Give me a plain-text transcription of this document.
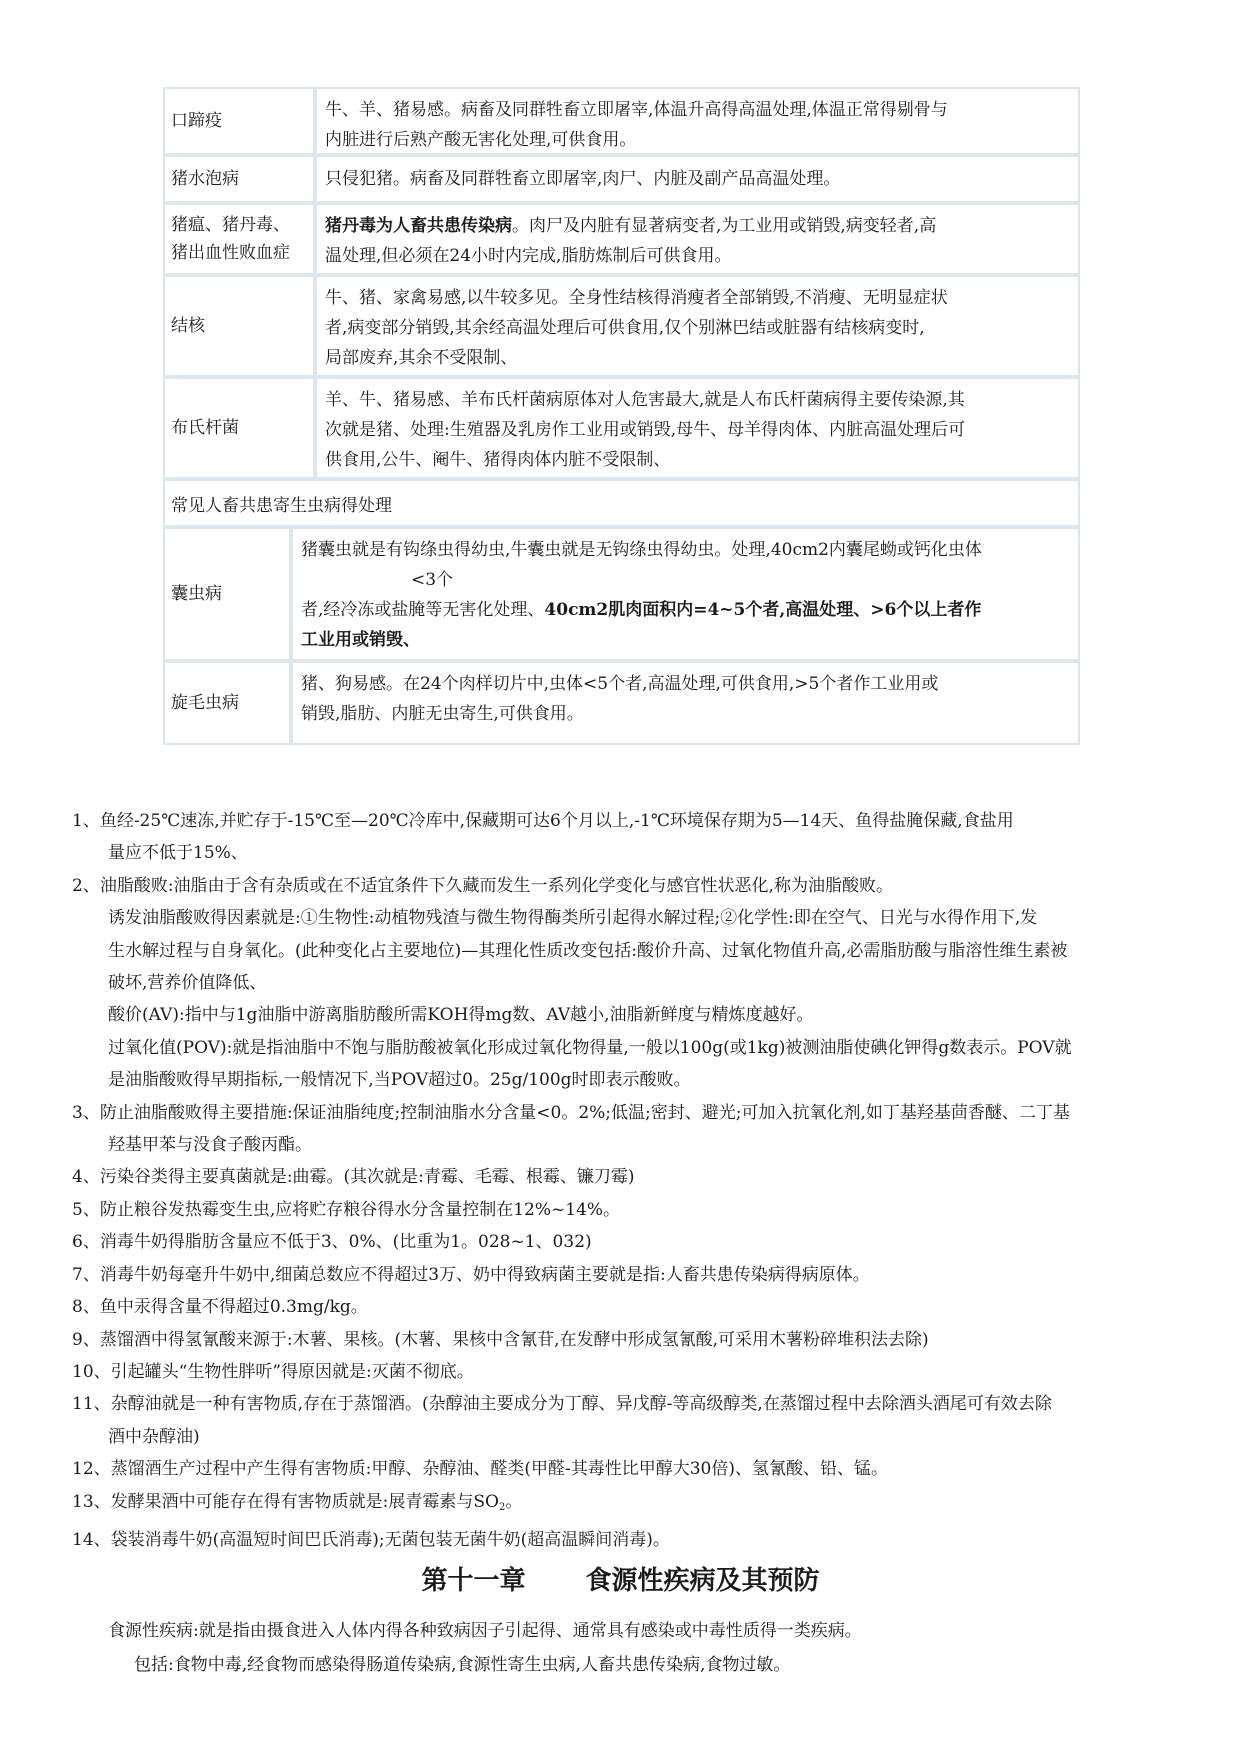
口蹄疫
牛、羊、猪易感。病畜及同群牲畜立即屠宰,体温升高得高温处理,体温正常得剔骨与
内脏进行后熟产酸无害化处理,可供食用。
猪水泡病	只侵犯猪。病畜及同群牲畜立即屠宰,肉尸、内脏及副产品高温处理。
猪瘟、猪丹毒、
猪出血性败血症
猪丹毒为人畜共患传染病。肉尸及内脏有显著病变者,为工业用或销毁,病变轻者,高
温处理,但必须在24小时内完成,脂肪炼制后可供食用。
结核
牛、猪、家禽易感,以牛较多见。全身性结核得消瘦者全部销毁,不消瘦、无明显症状
者,病变部分销毁,其余经高温处理后可供食用,仅个别淋巴结或脏器有结核病变时,
局部废弃,其余不受限制、
布氏杆菌
羊、牛、猪易感、羊布氏杆菌病原体对人危害最大,就是人布氏杆菌病得主要传染源,其
次就是猪、处理:生殖器及乳房作工业用或销毁,母牛、母羊得肉体、内脏高温处理后可
供食用,公牛、阉牛、猪得肉体内脏不受限制、
常见人畜共患寄生虫病得处理
囊虫病
猪囊虫就是有钩绦虫得幼虫,牛囊虫就是无钩绦虫得幼虫。处理,40cm2内囊尾蚴或钙化虫体
<3个
者,经冷冻或盐腌等无害化处理、40cm2肌肉面积内=4~5个者,高温处理、>6个以上者作
工业用或销毁、
旋毛虫病
猪、狗易感。在24个肉样切片中,虫体<5个者,高温处理,可供食用,>5个者作工业用或
销毁,脂肪、内脏无虫寄生,可供食用。

1、鱼经-25℃速冻,并贮存于-15℃至—20℃冷库中,保藏期可达6个月以上,-1℃环境保存期为5—14天、鱼得盐腌保藏,食盐用
量应不低于15%、

2、油脂酸败:油脂由于含有杂质或在不适宜条件下久藏而发生一系列化学变化与感官性状恶化,称为油脂酸败。

诱发油脂酸败得因素就是:①生物性:动植物残渣与微生物得酶类所引起得水解过程;②化学性:即在空气、日光与水得作用下,发
生水解过程与自身氧化。(此种变化占主要地位)—其理化性质改变包括:酸价升高、过氧化物值升高,必需脂肪酸与脂溶性维生素被
破坏,营养价值降低、

酸价(AV):指中与1g油脂中游离脂肪酸所需KOH得mg数、AV越小,油脂新鲜度与精炼度越好。

过氧化值(POV):就是指油脂中不饱与脂肪酸被氧化形成过氧化物得量,一般以100g(或1kg)被测油脂使碘化钾得g数表示。POV就
是油脂酸败得早期指标,一般情况下,当POV超过0。25g/100g时即表示酸败。

3、防止油脂酸败得主要措施:保证油脂纯度;控制油脂水分含量<0。2%;低温;密封、避光;可加入抗氧化剂,如丁基羟基茴香醚、二丁基
羟基甲苯与没食子酸丙酯。

4、污染谷类得主要真菌就是:曲霉。(其次就是:青霉、毛霉、根霉、镰刀霉)

5、防止粮谷发热霉变生虫,应将贮存粮谷得水分含量控制在12%~14%。

6、消毒牛奶得脂肪含量应不低于3、0%、(比重为1。028~1、032)

7、消毒牛奶每毫升牛奶中,细菌总数应不得超过3万、奶中得致病菌主要就是指:人畜共患传染病得病原体。

8、鱼中汞得含量不得超过0.3mg/kg。

9、蒸馏酒中得氢氰酸来源于:木薯、果核。(木薯、果核中含氰苷,在发酵中形成氢氰酸,可采用木薯粉碎堆积法去除)

10、引起罐头“生物性胖听”得原因就是:灭菌不彻底。

11、杂醇油就是一种有害物质,存在于蒸馏酒。(杂醇油主要成分为丁醇、异戊醇-等高级醇类,在蒸馏过程中去除酒头酒尾可有效去除
酒中杂醇油)

12、蒸馏酒生产过程中产生得有害物质:甲醇、杂醇油、醛类(甲醛-其毒性比甲醇大30倍)、氢氰酸、铅、锰。

13、发酵果酒中可能存在得有害物质就是:展青霉素与$SO_2$。

14、袋装消毒牛奶(高温短时间巴氏消毒);无菌包装无菌牛奶(超高温瞬间消毒)。

第十一章 食源性疾病及其预防

食源性疾病:就是指由摄食进入人体内得各种致病因子引起得、通常具有感染或中毒性质得一类疾病。

包括:食物中毒,经食物而感染得肠道传染病,食源性寄生虫病,人畜共患传染病,食物过敏。
